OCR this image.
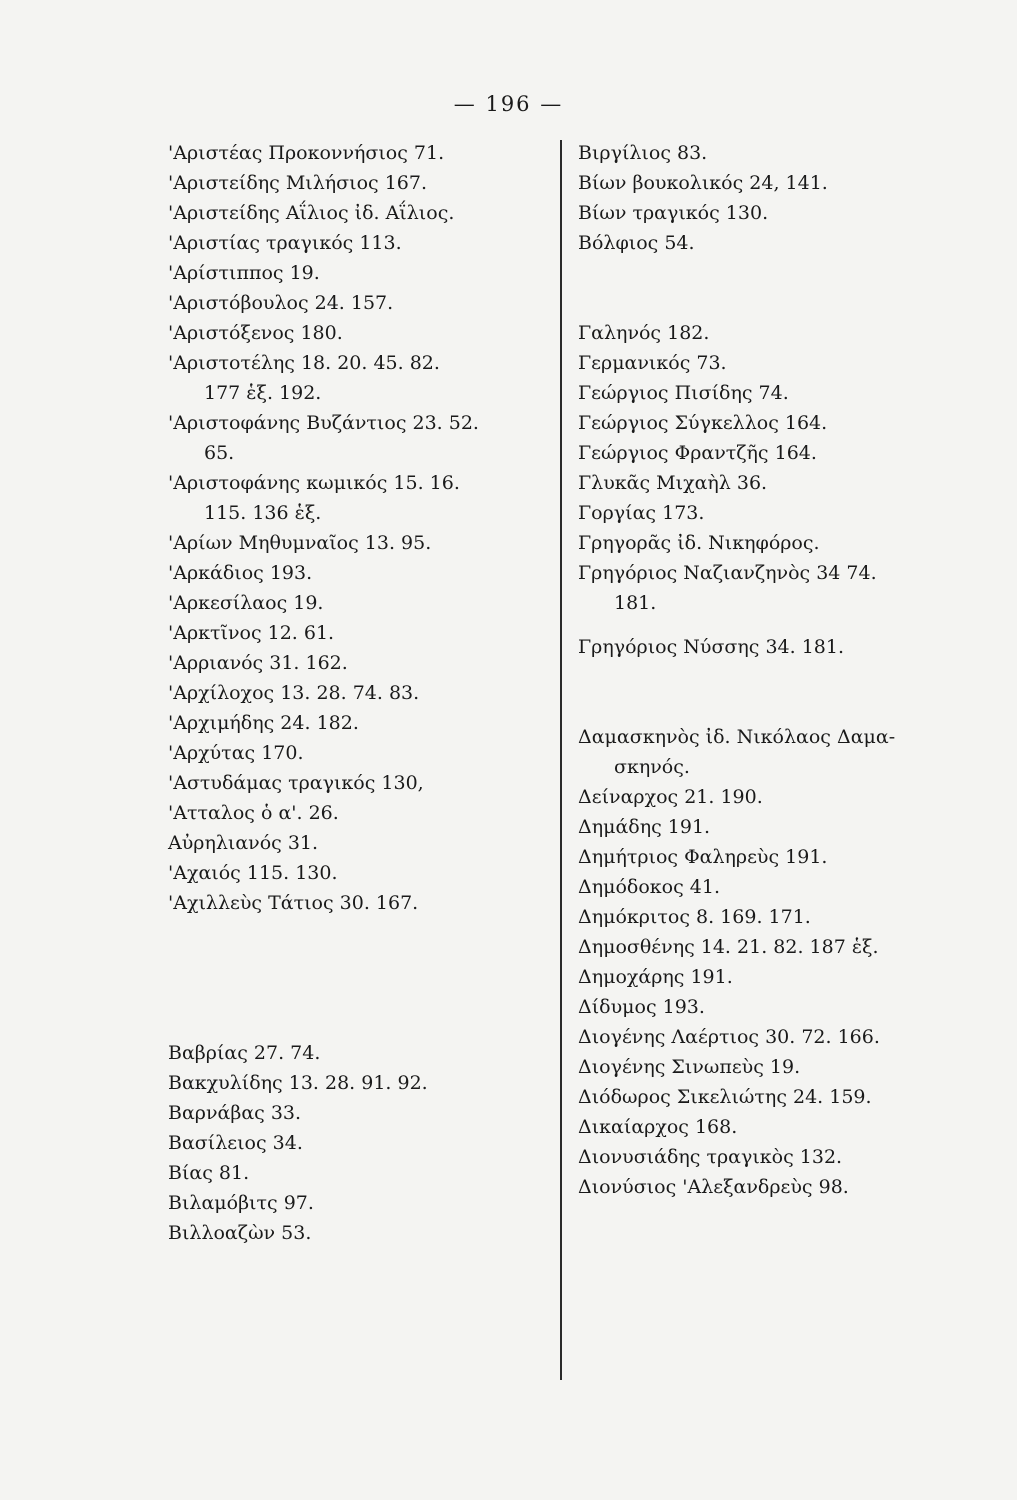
— 196 —
'Αριστέας Προκοννήσιος 71.
'Αριστείδης Μιλήσιος 167.
'Αριστείδης Αΐλιος ἰδ. Αΐλιος.
'Αριστίας τραγικός 113.
'Αρίστιππος 19.
'Αριστόβουλος 24. 157.
'Αριστόξενος 180.
'Αριστοτέλης 18. 20. 45. 82.
177 ἑξ. 192.
'Αριστοφάνης Βυζάντιος 23. 52.
65.
'Αριστοφάνης κωμικός 15. 16.
115. 136 ἑξ.
'Αρίων Μηθυμναῖος 13. 95.
'Αρκάδιος 193.
'Αρκεσίλαος 19.
'Αρκτῖνος 12. 61.
'Αρριανός 31. 162.
'Αρχίλοχος 13. 28. 74. 83.
'Αρχιμήδης 24. 182.
'Αρχύτας 170.
'Αστυδάμας τραγικός 130,
'Ατταλος ὁ α'. 26.
Αὐρηλιανός 31.
'Αχαιός 115. 130.
'Αχιλλεὺς Τάτιος 30. 167.
Βαβρίας 27. 74.
Βακχυλίδης 13. 28. 91. 92.
Βαρνάβας 33.
Βασίλειος 34.
Βίας 81.
Βιλαμόβιτς 97.
Βιλλοαζὼν 53.
Βιργίλιος 83.
Βίων βουκολικός 24, 141.
Βίων τραγικός 130.
Βόλφιος 54.
Γαληνός 182.
Γερμανικός 73.
Γεώργιος Πισίδης 74.
Γεώργιος Σύγκελλος 164.
Γεώργιος Φραντζῆς 164.
Γλυκᾶς Μιχαὴλ 36.
Γοργίας 173.
Γρηγορᾶς ἰδ. Νικηφόρος.
Γρηγόριος Ναζιανζηνὸς 34 74.
181.
Γρηγόριος Νύσσης 34. 181.
Δαμασκηνὸς ἰδ. Νικόλαος Δαμα-
σκηνός.
Δείναρχος 21. 190.
Δημάδης 191.
Δημήτριος Φαληρεὺς 191.
Δημόδοκος 41.
Δημόκριτος 8. 169. 171.
Δημοσθένης 14. 21. 82. 187 ἑξ.
Δημοχάρης 191.
Δίδυμος 193.
Διογένης Λαέρτιος 30. 72. 166.
Διογένης Σινωπεὺς 19.
Διόδωρος Σικελιώτης 24. 159.
Δικαίαρχος 168.
Διονυσιάδης τραγικὸς 132.
Διονύσιος 'Αλεξανδρεὺς 98.
